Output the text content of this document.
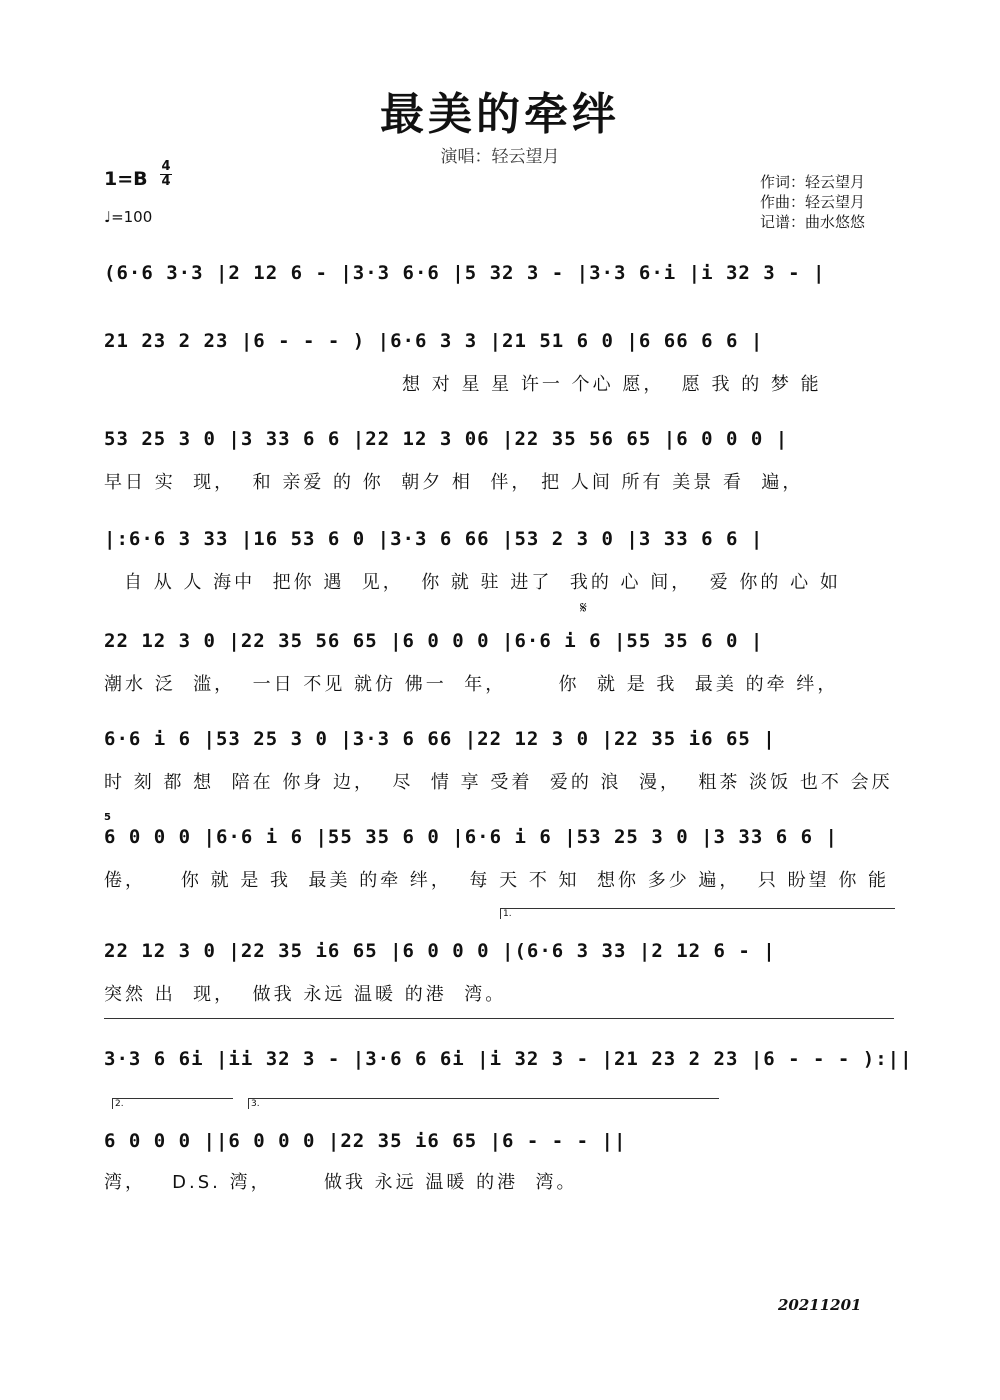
最美的牵绊
演唱：轻云望月
1=B
4
4
♩=100
作词：轻云望月
作曲：轻云望月
记谱：曲水悠悠
(6·6 3·3 |2 12 6 - |3·3 6·6 |5 32 3 - |3·3 6·i |i 32 3 - |
21 23 2 23 |6 - - - ) |6·6 3 3 |21 51 6 0 |6 66 6 6 |
想 对 星 星 许一 个心 愿，  愿 我 的 梦 能
53 25 3 0 |3 33 6 6 |22 12 3 06 |22 35 56 65 |6 0 0 0 |
早日 实  现，  和 亲爱 的 你  朝夕 相  伴， 把 人间 所有 美景 看  遍，
|:6·6 3 33 |16 53 6 0 |3·3 6 66 |53 2 3 0 |3 33 6 6 |
自 从 人 海中  把你 遇  见，  你 就 驻 进了  我的 心 间，  爱 你的 心 如
𝄋
22 12 3 0 |22 35 56 65 |6 0 0 0 |6·6 i 6 |55 35 6 0 |
潮水 泛  滥，  一日 不见 就仿 佛一  年，      你  就 是 我  最美 的牵 绊，
6·6 i 6 |53 25 3 0 |3·3 6 66 |22 12 3 0 |22 35 i6 65 |
时 刻 都 想  陪在 你身 边，  尽  情 享 受着  爱的 浪  漫，  粗茶 淡饭 也不 会厌
5
6 0 0 0 |6·6 i 6 |55 35 6 0 |6·6 i 6 |53 25 3 0 |3 33 6 6 |
倦，    你 就 是 我  最美 的牵 绊，  每 天 不 知  想你 多少 遍，  只 盼望 你 能
1.
22 12 3 0 |22 35 i6 65 |6 0 0 0 |(6·6 3 33 |2 12 6 - |
突然 出  现，  做我 永远 温暖 的港  湾。
3·3 6 6i |ii 32 3 - |3·6 6 6i |i 32 3 - |21 23 2 23 |6 - - - ):||
2.	3.
6 0 0 0 ||6 0 0 0 |22 35 i6 65 |6 - - - ||
湾，   D.S. 湾，      做我 永远 温暖 的港  湾。
20211201
